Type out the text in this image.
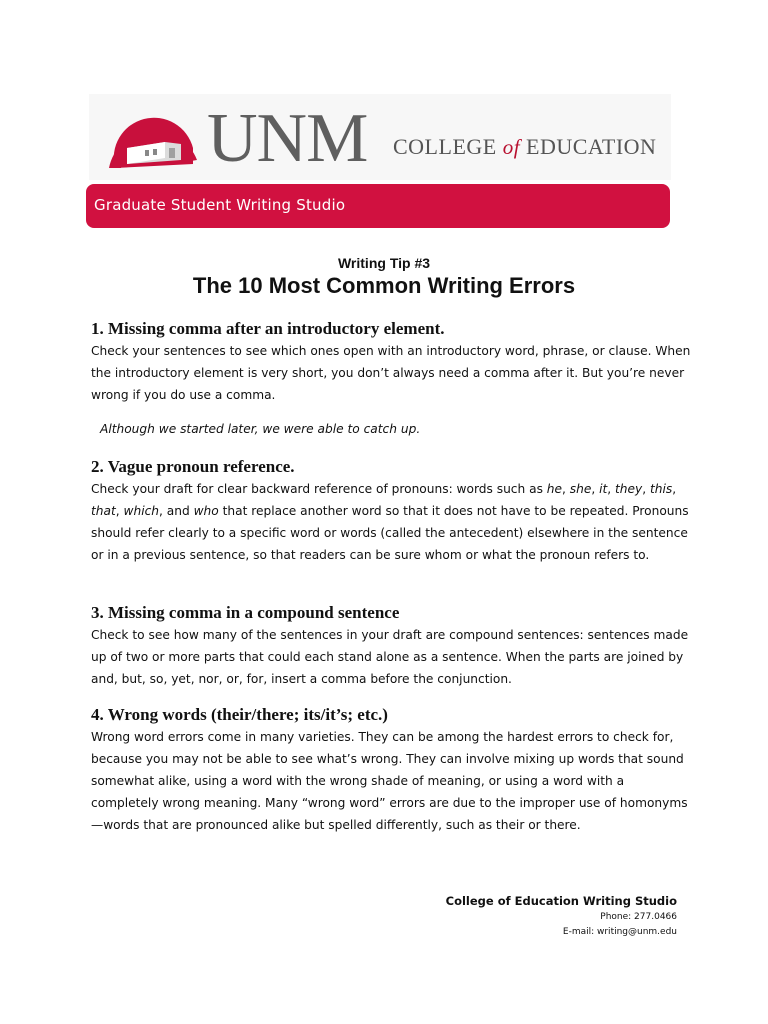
UNM COLLEGE of EDUCATION
Graduate Student Writing Studio
Writing Tip #3
The 10 Most Common Writing Errors
1. Missing comma after an introductory element.
Check your sentences to see which ones open with an introductory word, phrase, or clause. When the introductory element is very short, you don’t always need a comma after it. But you’re never wrong if you do use a comma.
Although we started later, we were able to catch up.
2. Vague pronoun reference.
Check your draft for clear backward reference of pronouns: words such as he, she, it, they, this, that, which, and who that replace another word so that it does not have to be repeated. Pronouns should refer clearly to a specific word or words (called the antecedent) elsewhere in the sentence or in a previous sentence, so that readers can be sure whom or what the pronoun refers to.
3. Missing comma in a compound sentence
Check to see how many of the sentences in your draft are compound sentences: sentences made up of two or more parts that could each stand alone as a sentence. When the parts are joined by and, but, so, yet, nor, or, for, insert a comma before the conjunction.
4. Wrong words (their/there; its/it’s; etc.)
Wrong word errors come in many varieties. They can be among the hardest errors to check for, because you may not be able to see what’s wrong. They can involve mixing up words that sound somewhat alike, using a word with the wrong shade of meaning, or using a word with a completely wrong meaning. Many “wrong word” errors are due to the improper use of homonyms—words that are pronounced alike but spelled differently, such as their or there.
College of Education Writing Studio
Phone: 277.0466
E-mail: writing@unm.edu
